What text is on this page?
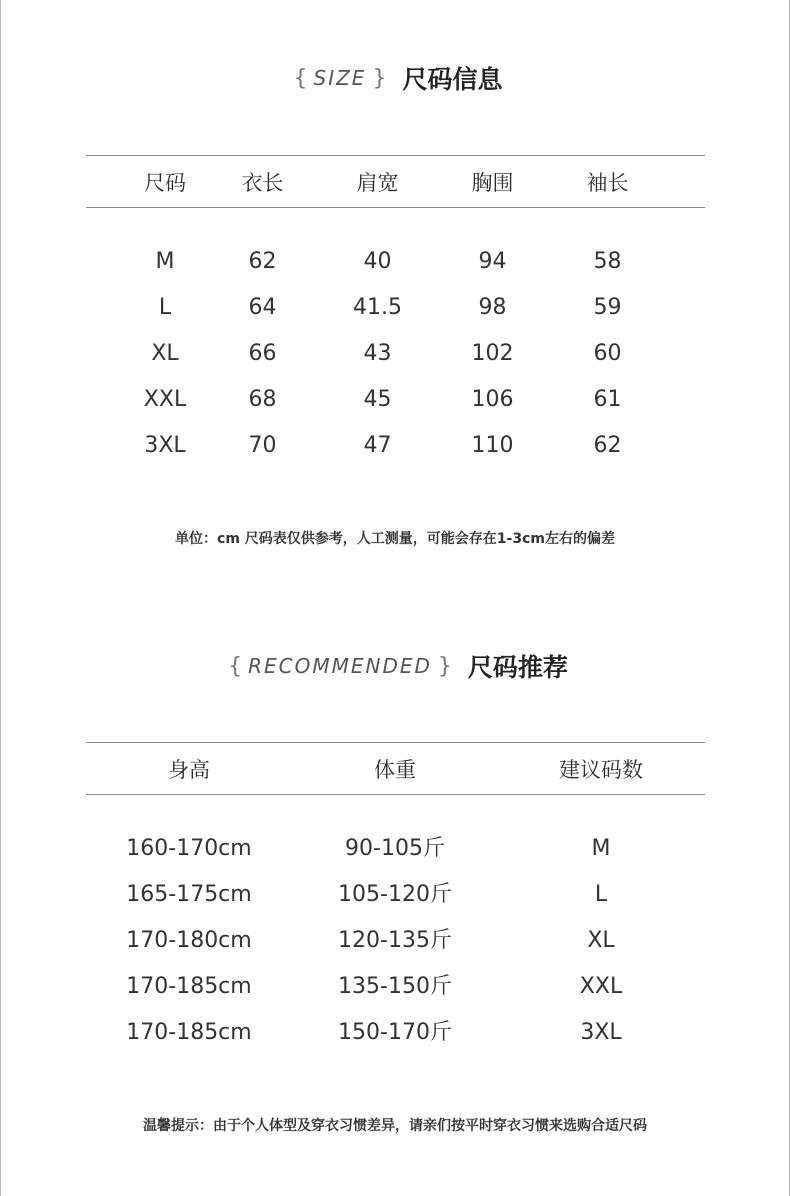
{ SIZE } 尺码信息
尺码	衣长	肩宽	胸围	袖长
M	62	40	94	58
L	64	41.5	98	59
XL	66	43	102	60
XXL	68	45	106	61
3XL	70	47	110	62
单位：cm 尺码表仅供参考，人工测量，可能会存在1-3cm左右的偏差
{ RECOMMENDED } 尺码推荐
身高	体重	建议码数
160-170cm	90-105斤	M
165-175cm	105-120斤	L
170-180cm	120-135斤	XL
170-185cm	135-150斤	XXL
170-185cm	150-170斤	3XL
温馨提示：由于个人体型及穿衣习惯差异，请亲们按平时穿衣习惯来选购合适尺码
